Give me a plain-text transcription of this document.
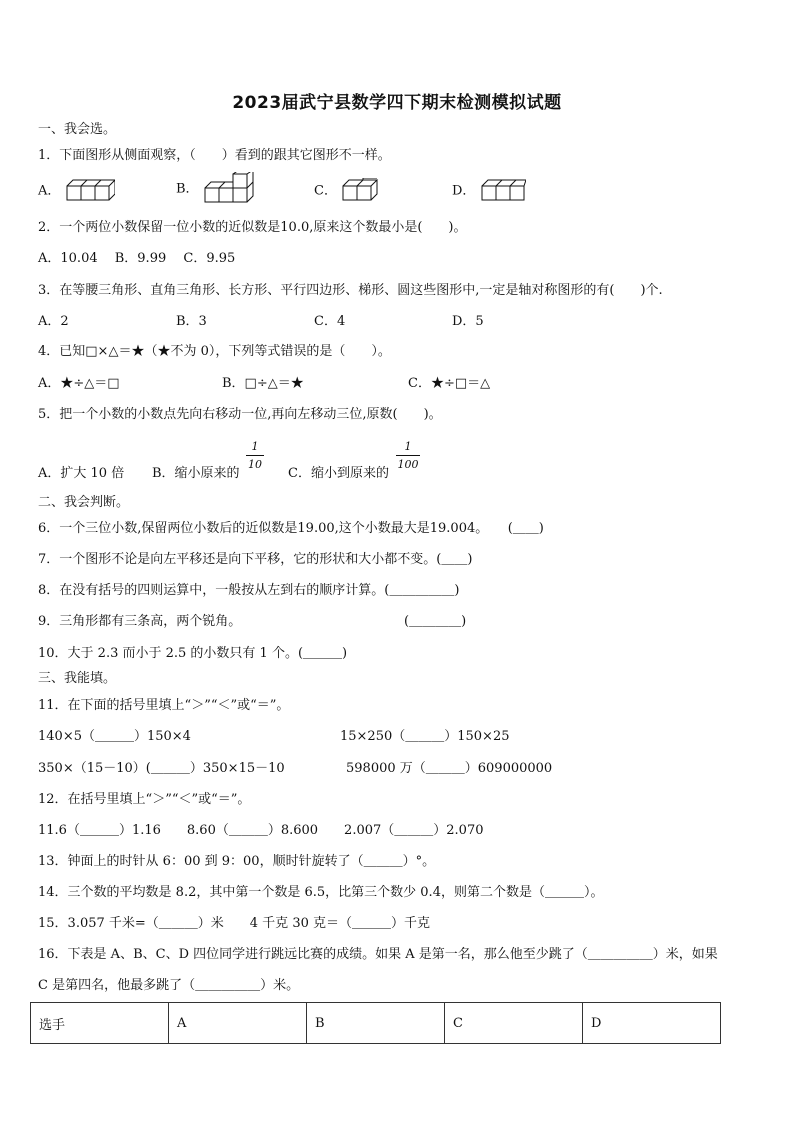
2023届武宁县数学四下期末检测模拟试题
一、我会选。
1．下面图形从侧面观察，（　　）看到的跟其它图形不一样。
A．	B．	C．	D．
2．一个两位小数保留一位小数的近似数是10.0,原来这个数最小是(　　)。
A．10.04　 B．9.99　 C．9.95
3．在等腰三角形、直角三角形、长方形、平行四边形、梯形、圆这些图形中,一定是轴对称图形的有(　　)个.
A．2	B．3	C．4	D．5
4．已知□×△＝★（★不为 0），下列等式错误的是（　　）。
A．★÷△＝□	B．□÷△＝★	C．★÷□＝△
5．把一个小数的小数点先向右移动一位,再向左移动三位,原数(　　)。
A．扩大 10 倍 B．缩小原来的
1
10
C．缩小到原来的
1
100
二、我会判断。
6．一个三位小数,保留两位小数后的近似数是19.00,这个小数最大是19.004。　　(＿＿)
7．一个图形不论是向左平移还是向下平移，它的形状和大小都不变。(＿＿)
8．在没有括号的四则运算中，一般按从左到右的顺序计算。(＿＿＿＿＿)
9．三角形都有三条高，两个锐角。	(＿＿＿＿)
10．大于 2.3 而小于 2.5 的小数只有 1 个。(＿＿＿)
三、我能填。
11．在下面的括号里填上“＞”“＜”或“＝”。
140×5（＿＿＿）150×4	15×250（＿＿＿）150×25
350×（15－10）(＿＿＿）350×15－10	598000 万（＿＿＿）609000000
12．在括号里填上“＞”“＜”或“＝”。
11.6（＿＿＿）1.16　　8.60（＿＿＿）8.600　　2.007（＿＿＿）2.070
13．钟面上的时针从 6：00 到 9：00，顺时针旋转了（＿＿＿）°。
14．三个数的平均数是 8.2，其中第一个数是 6.5，比第三个数少 0.4，则第二个数是（＿＿＿）。
15．3.057 千米=（＿＿＿）米　　4 千克 30 克＝（＿＿＿）千克
16．下表是 A、B、C、D 四位同学进行跳远比赛的成绩。如果 A 是第一名，那么他至少跳了（＿＿＿＿＿）米，如果
C 是第四名，他最多跳了（＿＿＿＿＿）米。
选手	A	B	C	D
